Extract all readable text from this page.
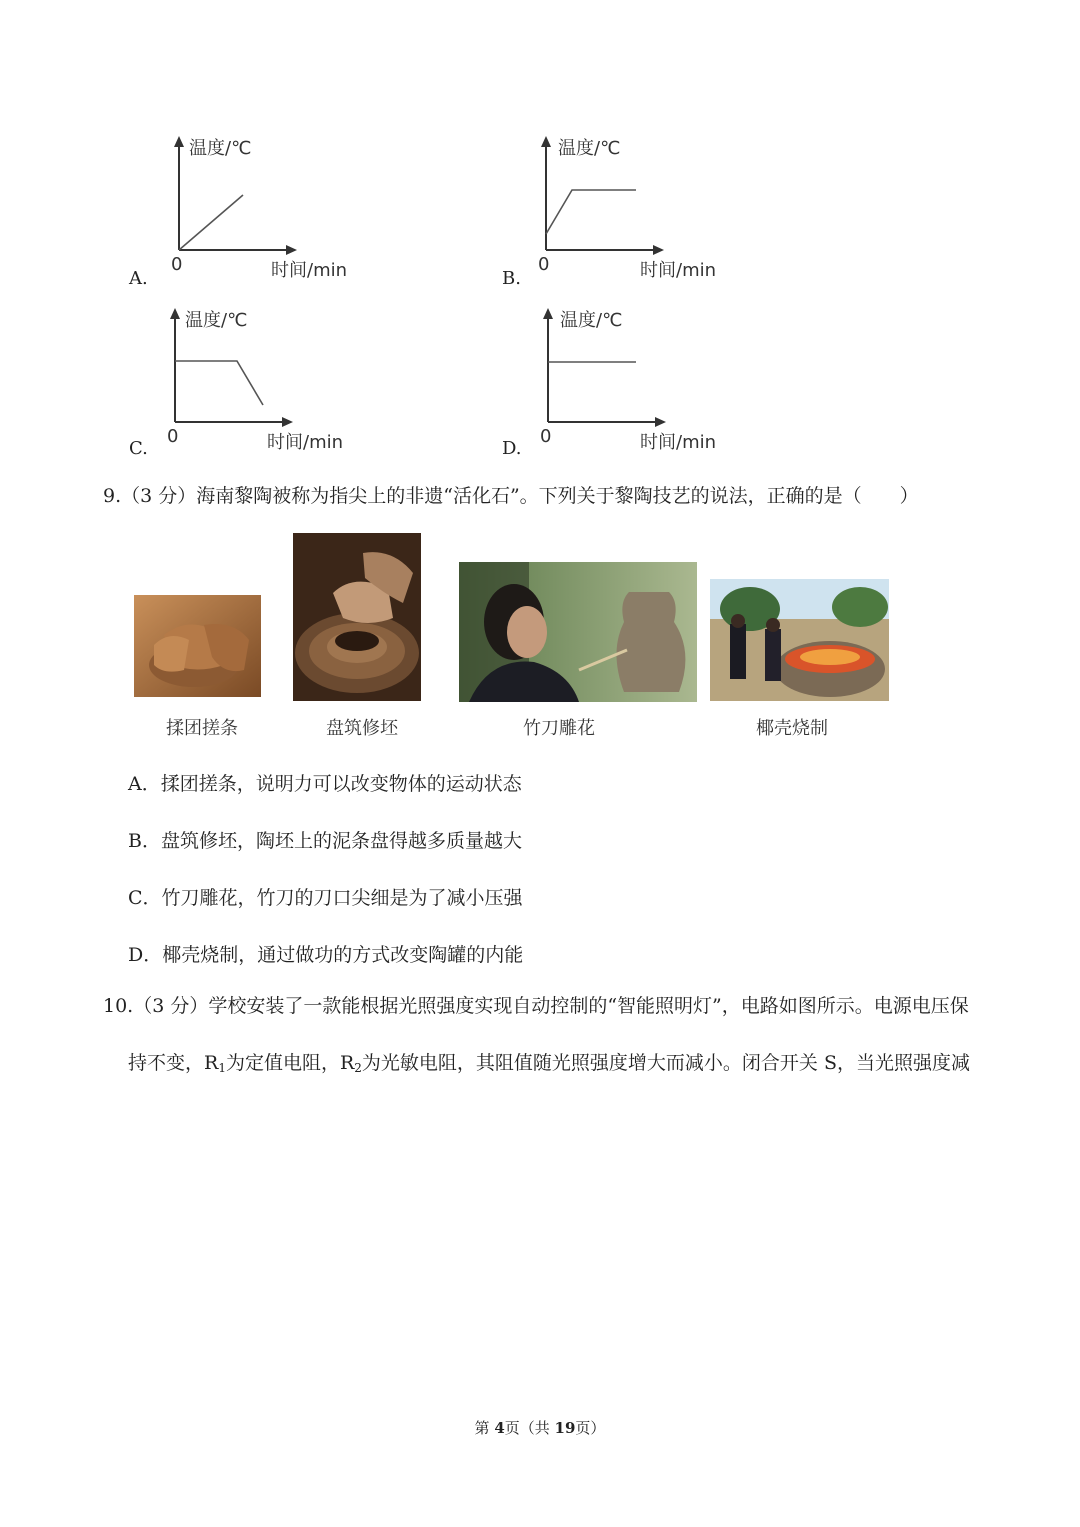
A.
温度/℃
0	时间/min	B.
温度/℃
0	时间/min
C.
温度/℃
0	时间/min	D.
温度/℃
0	时间/min
9.（3 分）海南黎陶被称为指尖上的非遗“活化石”。下列关于黎陶技艺的说法，正确的是（　　）
揉团搓条	盘筑修坯	竹刀雕花	椰壳烧制
A．揉团搓条，说明力可以改变物体的运动状态
B．盘筑修坯，陶坯上的泥条盘得越多质量越大
C．竹刀雕花，竹刀的刀口尖细是为了减小压强
D．椰壳烧制，通过做功的方式改变陶罐的内能
10.（3 分）学校安装了一款能根据光照强度实现自动控制的“智能照明灯”，电路如图所示。电源电压保
持不变，$R_1$为定值电阻，$R_2$为光敏电阻，其阻值随光照强度增大而减小。闭合开关 S，当光照强度减
第 4页（共 19页）
